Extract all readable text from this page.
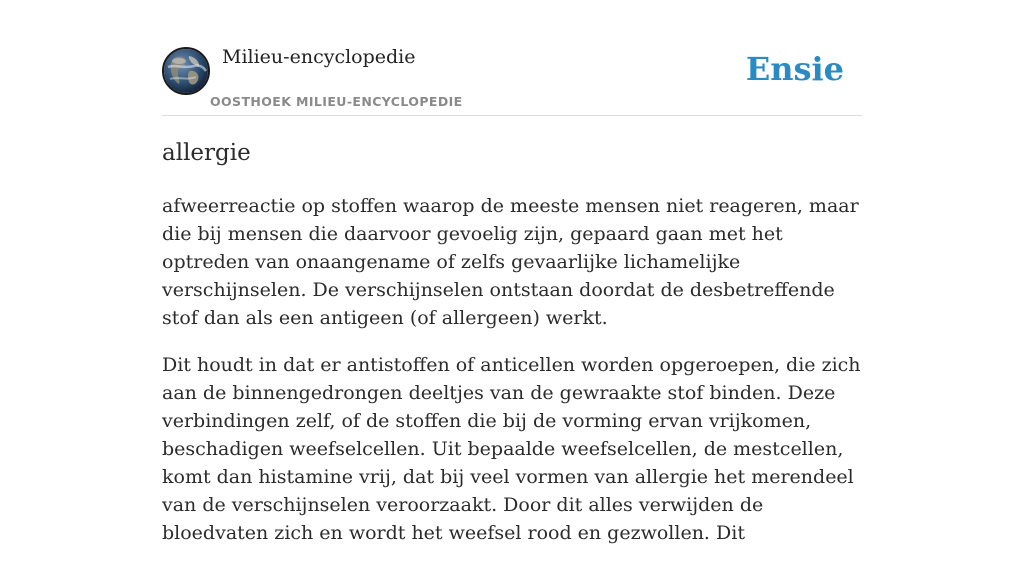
Milieu-encyclopedie
OOSTHOEK MILIEU-ENCYCLOPEDIE
Ensie
allergie

afweerreactie op stoffen waarop de meeste mensen niet reageren, maar die bij mensen die daarvoor gevoelig zijn, gepaard gaan met het optreden van onaangename of zelfs gevaarlijke lichamelijke verschijnselen. De verschijnselen ontstaan doordat de desbetreffende stof dan als een antigeen (of allergeen) werkt.

Dit houdt in dat er antistoffen of anticellen worden opgeroepen, die zich aan de binnengedrongen deeltjes van de gewraakte stof binden. Deze verbindingen zelf, of de stoffen die bij de vorming ervan vrijkomen, beschadigen weefselcellen. Uit bepaalde weefselcellen, de mestcellen, komt dan histamine vrij, dat bij veel vormen van allergie het merendeel van de verschijnselen veroorzaakt. Door dit alles verwijden de bloedvaten zich en wordt het weefsel rood en gezwollen. Dit
